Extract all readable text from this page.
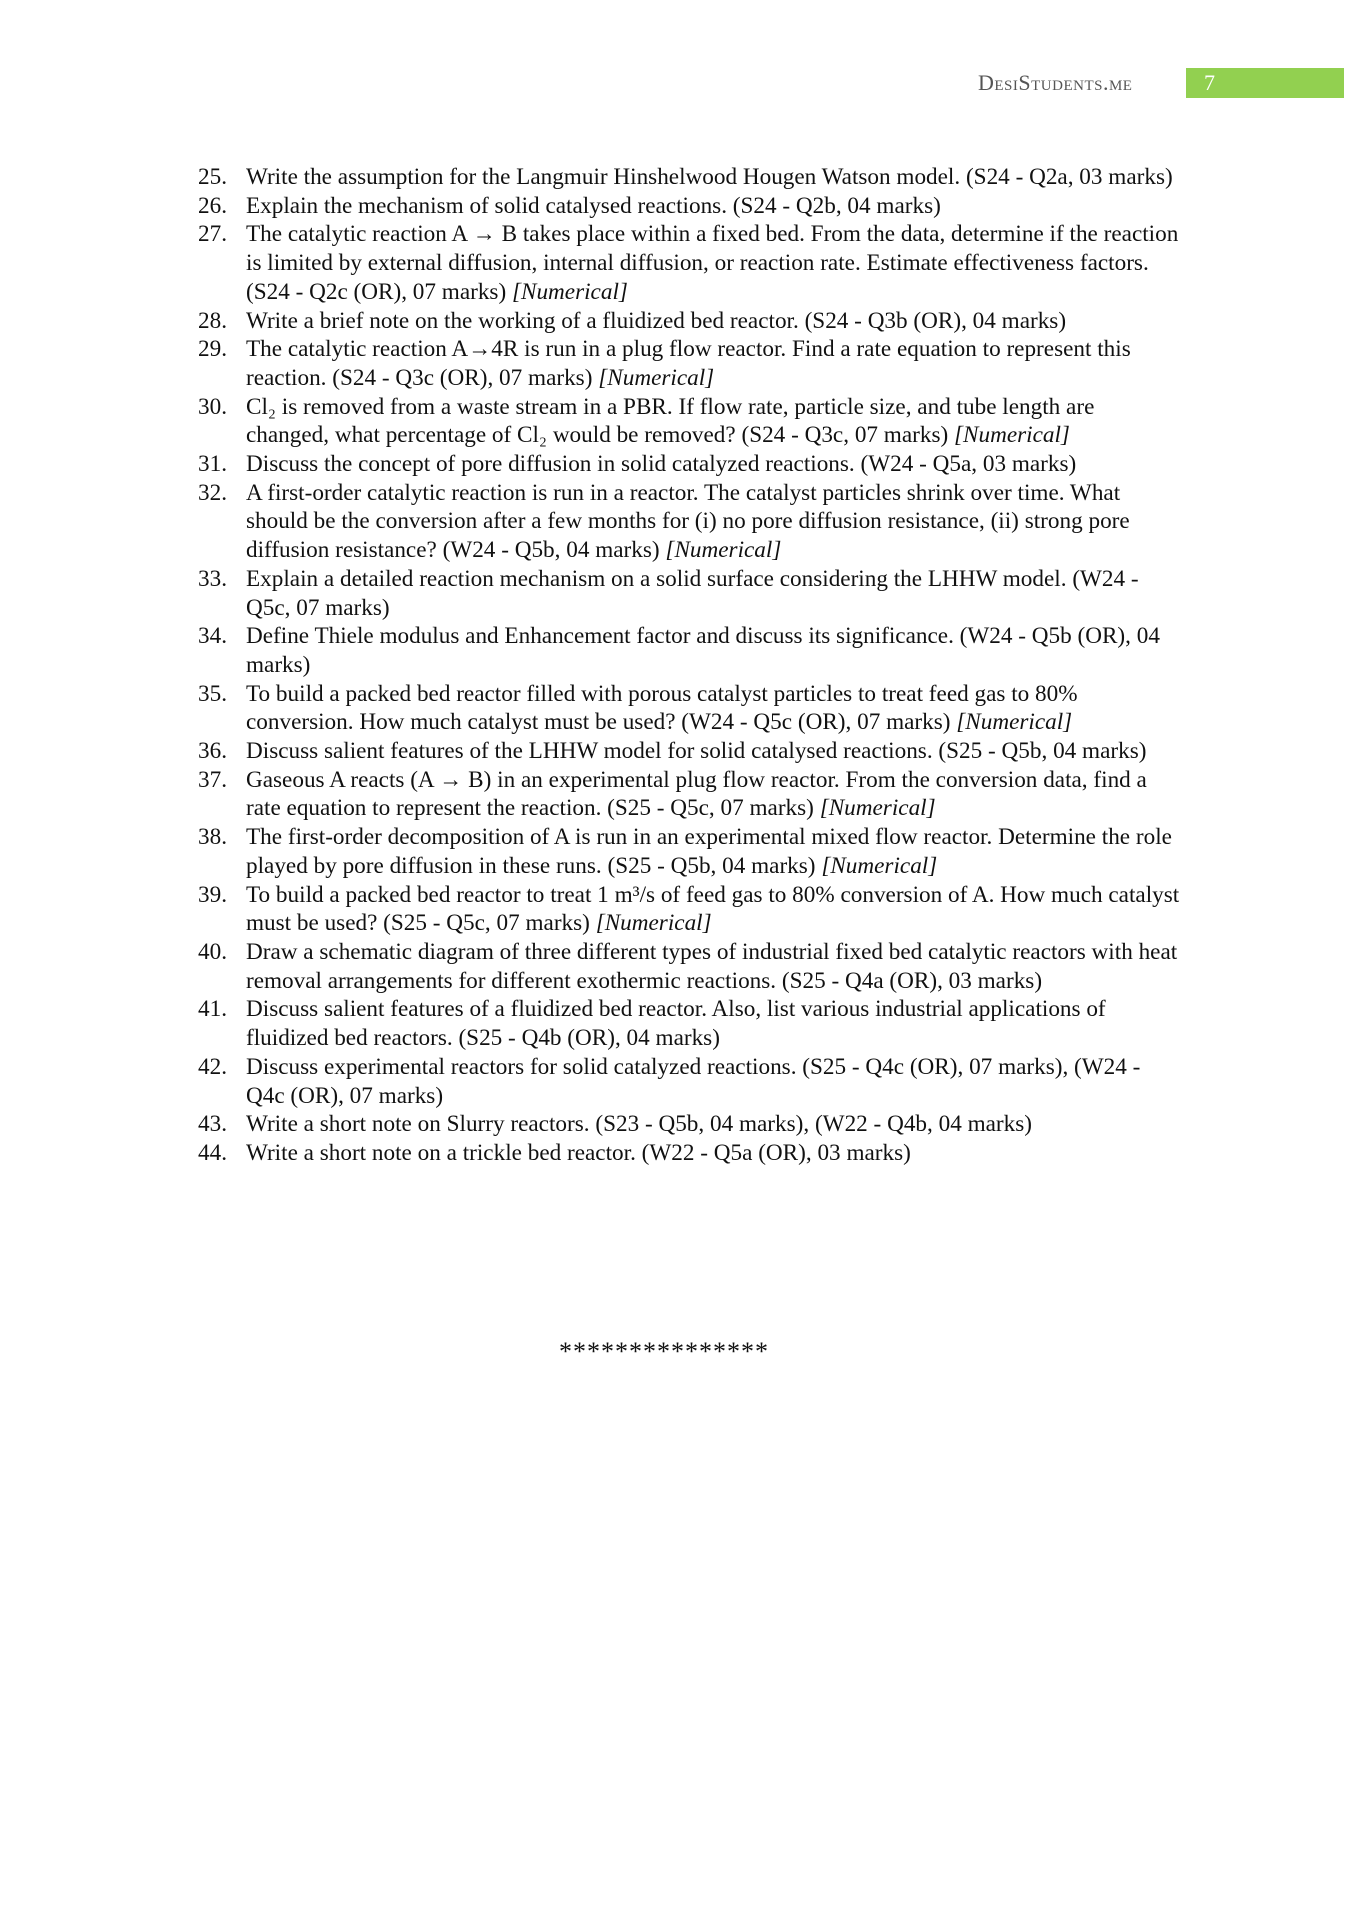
DesiStudents.me	7
25. Write the assumption for the Langmuir Hinshelwood Hougen Watson model. (S24 - Q2a, 03 marks)
26. Explain the mechanism of solid catalysed reactions. (S24 - Q2b, 04 marks)
27. The catalytic reaction A → B takes place within a fixed bed. From the data, determine if the reaction is limited by external diffusion, internal diffusion, or reaction rate. Estimate effectiveness factors. (S24 - Q2c (OR), 07 marks) [Numerical]
28. Write a brief note on the working of a fluidized bed reactor. (S24 - Q3b (OR), 04 marks)
29. The catalytic reaction A→4R is run in a plug flow reactor. Find a rate equation to represent this reaction. (S24 - Q3c (OR), 07 marks) [Numerical]
30. Cl₂ is removed from a waste stream in a PBR. If flow rate, particle size, and tube length are changed, what percentage of Cl₂ would be removed? (S24 - Q3c, 07 marks) [Numerical]
31. Discuss the concept of pore diffusion in solid catalyzed reactions. (W24 - Q5a, 03 marks)
32. A first-order catalytic reaction is run in a reactor. The catalyst particles shrink over time. What should be the conversion after a few months for (i) no pore diffusion resistance, (ii) strong pore diffusion resistance? (W24 - Q5b, 04 marks) [Numerical]
33. Explain a detailed reaction mechanism on a solid surface considering the LHHW model. (W24 - Q5c, 07 marks)
34. Define Thiele modulus and Enhancement factor and discuss its significance. (W24 - Q5b (OR), 04 marks)
35. To build a packed bed reactor filled with porous catalyst particles to treat feed gas to 80% conversion. How much catalyst must be used? (W24 - Q5c (OR), 07 marks) [Numerical]
36. Discuss salient features of the LHHW model for solid catalysed reactions. (S25 - Q5b, 04 marks)
37. Gaseous A reacts (A → B) in an experimental plug flow reactor. From the conversion data, find a rate equation to represent the reaction. (S25 - Q5c, 07 marks) [Numerical]
38. The first-order decomposition of A is run in an experimental mixed flow reactor. Determine the role played by pore diffusion in these runs. (S25 - Q5b, 04 marks) [Numerical]
39. To build a packed bed reactor to treat 1 m³/s of feed gas to 80% conversion of A. How much catalyst must be used? (S25 - Q5c, 07 marks) [Numerical]
40. Draw a schematic diagram of three different types of industrial fixed bed catalytic reactors with heat removal arrangements for different exothermic reactions. (S25 - Q4a (OR), 03 marks)
41. Discuss salient features of a fluidized bed reactor. Also, list various industrial applications of fluidized bed reactors. (S25 - Q4b (OR), 04 marks)
42. Discuss experimental reactors for solid catalyzed reactions. (S25 - Q4c (OR), 07 marks), (W24 - Q4c (OR), 07 marks)
43. Write a short note on Slurry reactors. (S23 - Q5b, 04 marks), (W22 - Q4b, 04 marks)
44. Write a short note on a trickle bed reactor. (W22 - Q5a (OR), 03 marks)
***************
